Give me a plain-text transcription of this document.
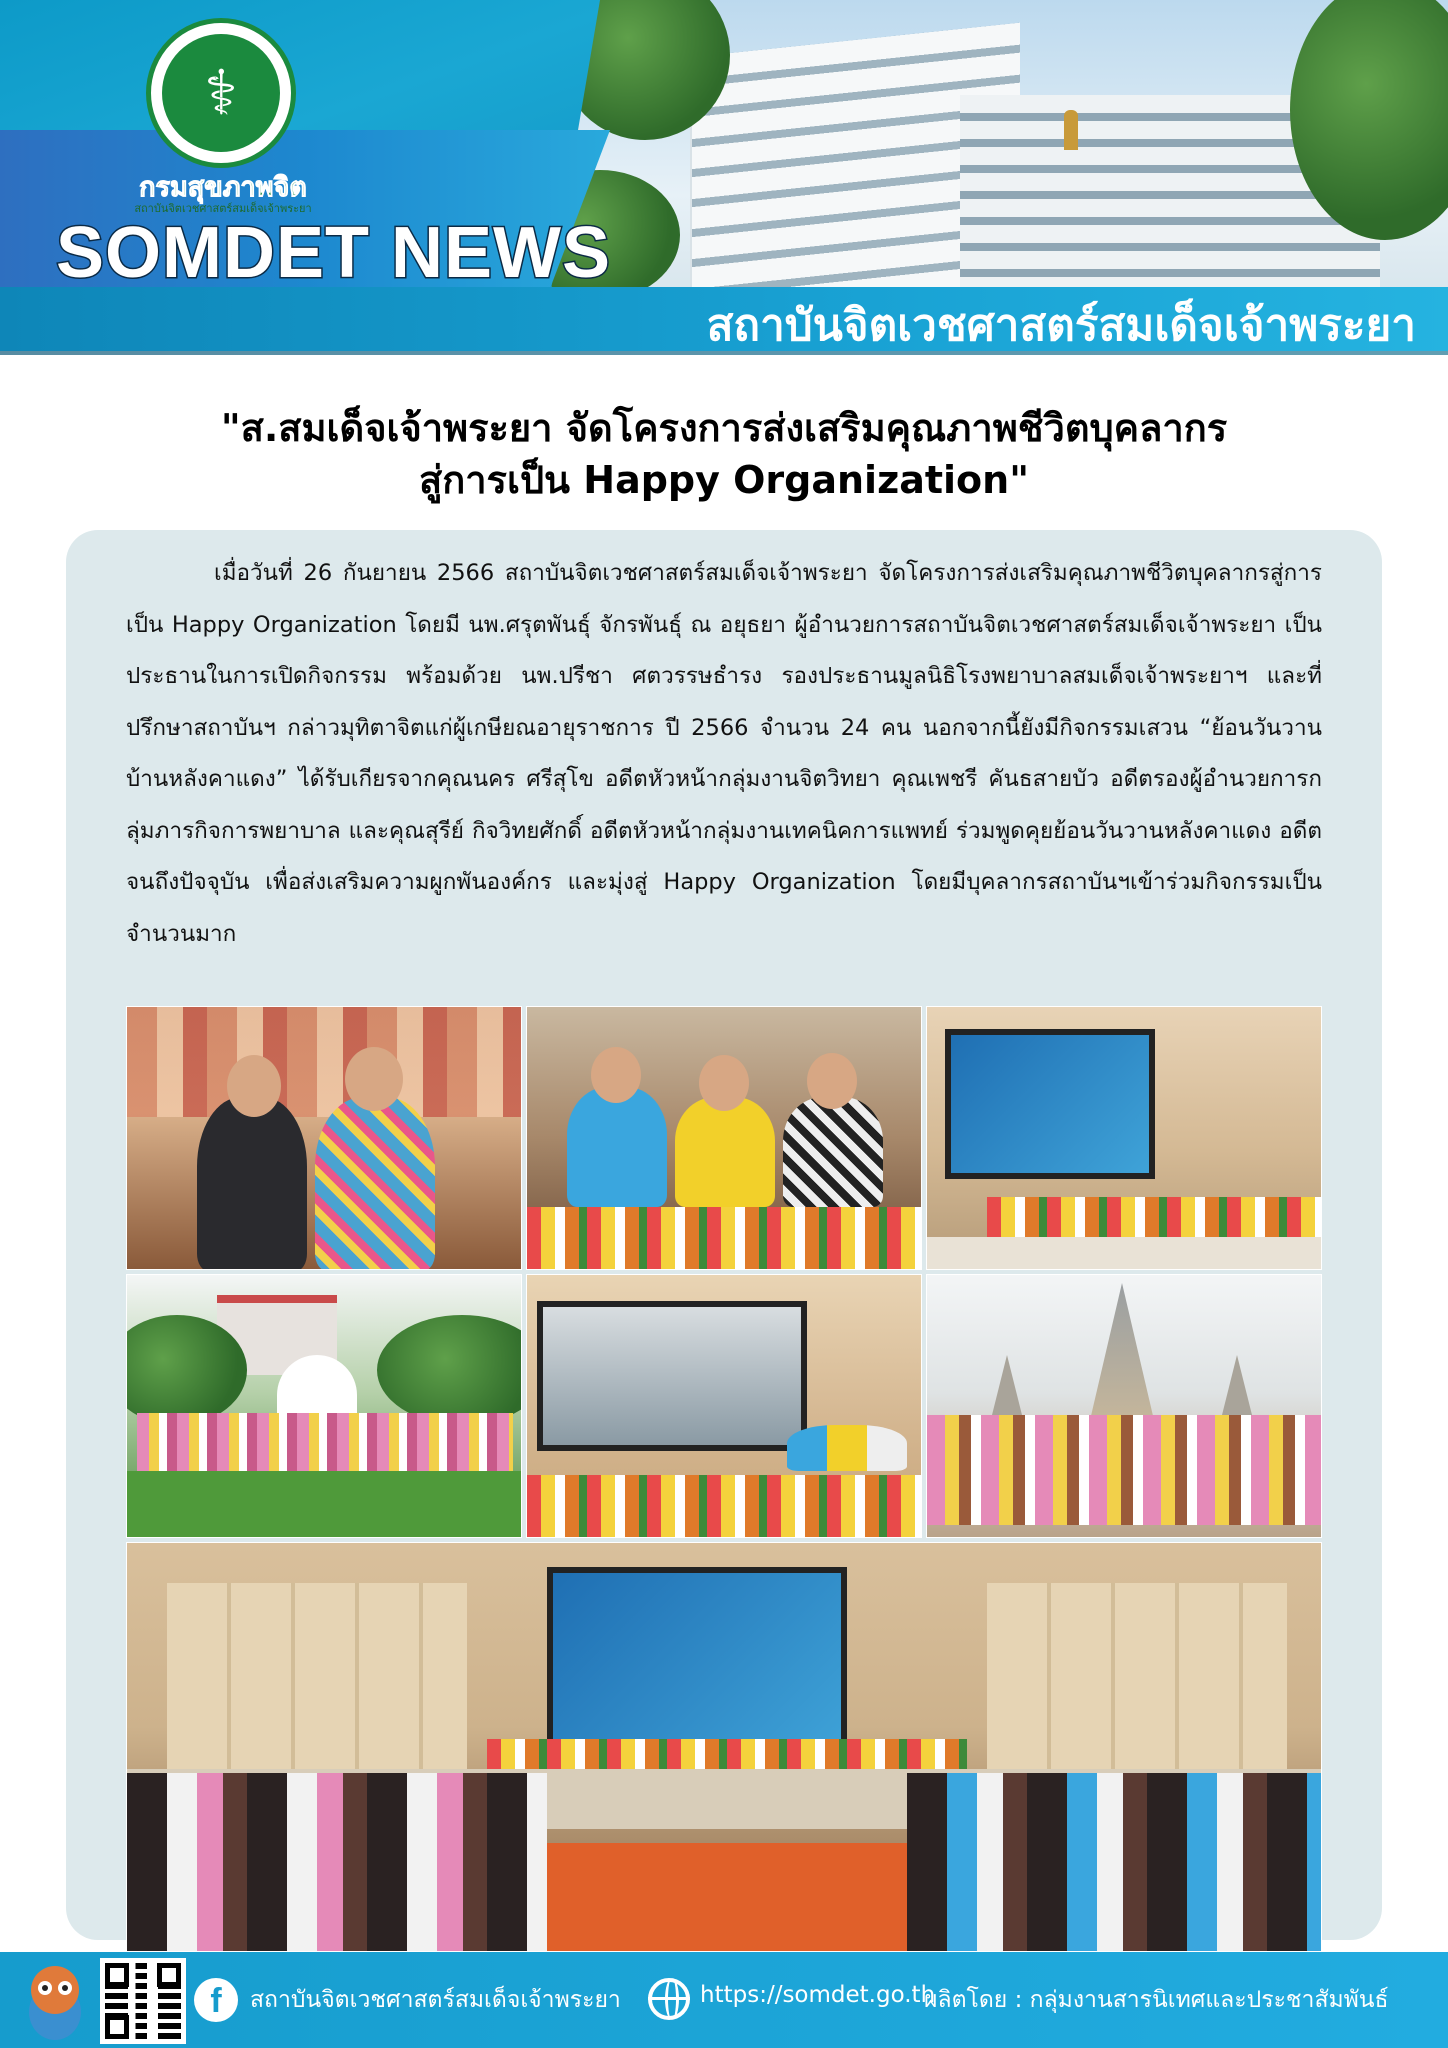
⚕
กรมสุขภาพจิต
สถาบันจิตเวชศาสตร์สมเด็จเจ้าพระยา
SOMDET NEWS
สถาบันจิตเวชศาสตร์สมเด็จเจ้าพระยา
"ส.สมเด็จเจ้าพระยา จัดโครงการส่งเสริมคุณภาพชีวิตบุคลากร
สู่การเป็น Happy Organization"

เมื่อวันที่ 26 กันยายน 2566 สถาบันจิตเวชศาสตร์สมเด็จเจ้าพระยา จัดโครงการส่งเสริมคุณภาพชีวิตบุคลากรสู่การเป็น Happy Organization โดยมี นพ.ศรุตพันธุ์ จักรพันธุ์ ณ อยุธยา ผู้อำนวยการสถาบันจิตเวชศาสตร์สมเด็จเจ้าพระยา เป็นประธานในการเปิดกิจกรรม พร้อมด้วย นพ.ปรีชา ศตวรรษธำรง รองประธานมูลนิธิโรงพยาบาลสมเด็จเจ้าพระยาฯ และที่ปรึกษาสถาบันฯ กล่าวมุทิตาจิตแก่ผู้เกษียณอายุราชการ ปี 2566 จำนวน 24 คน นอกจากนี้ยังมีกิจกรรมเสวน “ย้อนวันวานบ้านหลังคาแดง” ได้รับเกียรจากคุณนคร ศรีสุโข อดีตหัวหน้ากลุ่มงานจิตวิทยา คุณเพชรี คันธสายบัว อดีตรองผู้อำนวยการกลุ่มภารกิจการพยาบาล และคุณสุรีย์ กิจวิทยศักดิ์ อดีตหัวหน้ากลุ่มงานเทคนิคการแพทย์ ร่วมพูดคุยย้อนวันวานหลังคาแดง อดีตจนถึงปัจจุบัน เพื่อส่งเสริมความผูกพันองค์กร และมุ่งสู่ Happy Organization โดยมีบุคลากรสถาบันฯเข้าร่วมกิจกรรมเป็นจำนวนมาก

f	สถาบันจิตเวชศาสตร์สมเด็จเจ้าพระยา	https://somdet.go.th
ผลิตโดย : กลุ่มงานสารนิเทศและประชาสัมพันธ์
